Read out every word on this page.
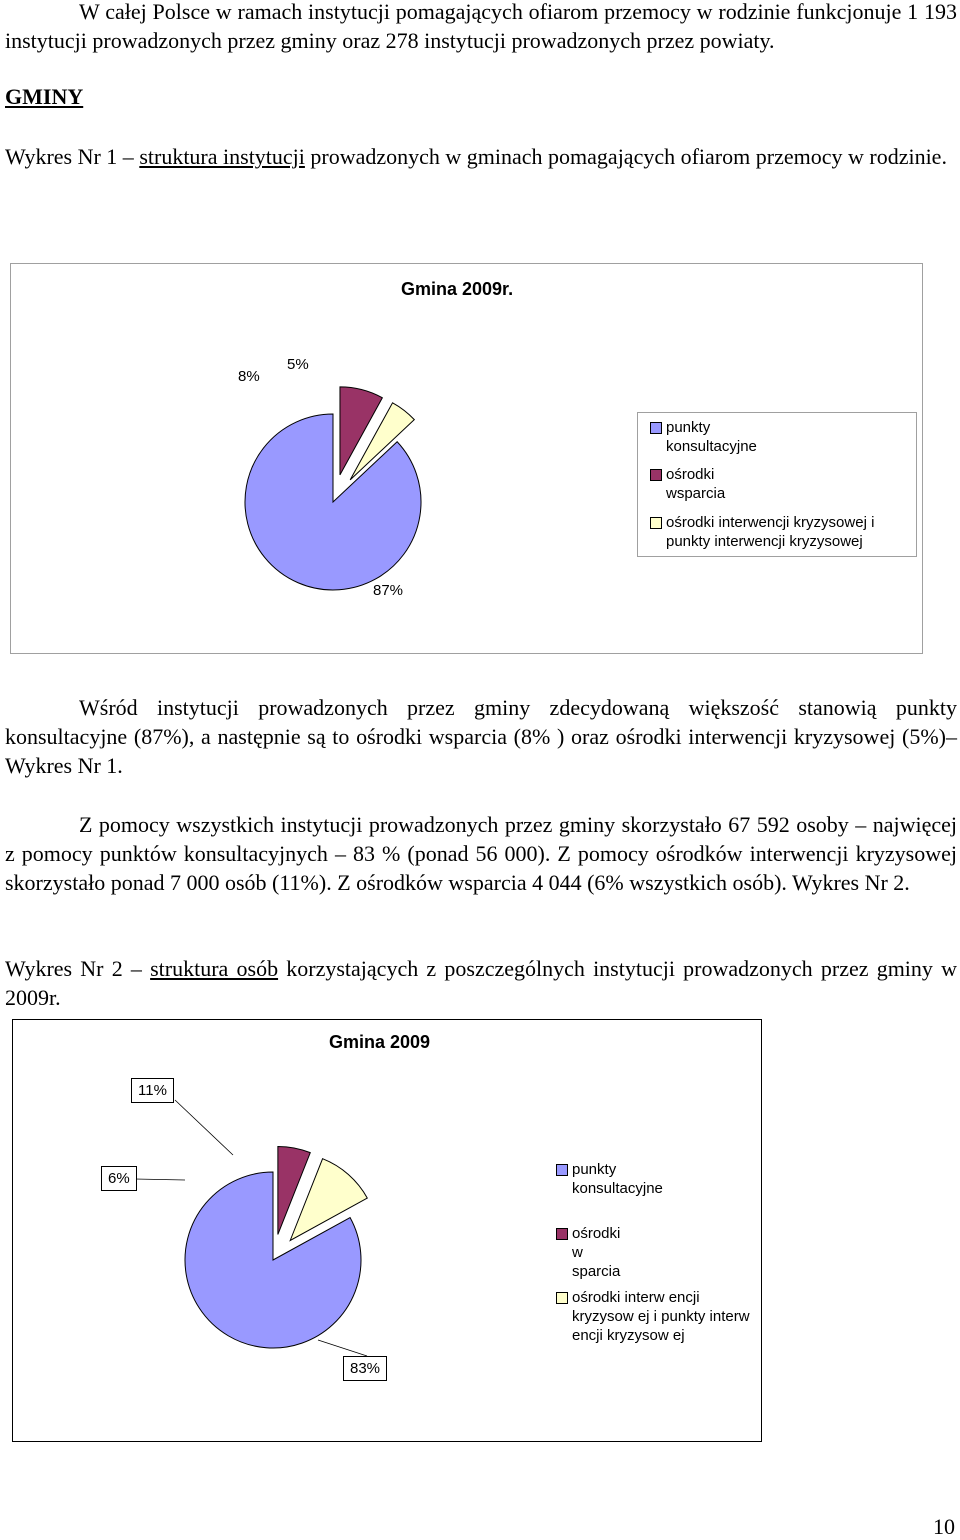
W całej Polsce w ramach instytucji pomagających ofiarom przemocy w rodzinie funkcjonuje 1 193 instytucji prowadzonych przez gminy oraz 278 instytucji prowadzonych przez powiaty.

GMINY

Wykres Nr 1 – struktura instytucji prowadzonych w gminach pomagających ofiarom przemocy w rodzinie.

Gmina 2009r.
8%
5%
87%
punkty konsultacyjne
ośrodki wsparcia
ośrodki interwencji kryzysowej i punkty interwencji kryzysowej

Wśród instytucji prowadzonych przez gminy zdecydowaną większość stanowią punkty konsultacyjne (87%), a następnie są to ośrodki wsparcia (8% ) oraz ośrodki interwencji kryzysowej (5%)– Wykres Nr 1.

Z pomocy wszystkich instytucji prowadzonych przez gminy skorzystało 67 592 osoby – najwięcej z pomocy punktów konsultacyjnych – 83 % (ponad 56 000). Z pomocy ośrodków interwencji kryzysowej skorzystało ponad 7 000 osób (11%). Z ośrodków wsparcia 4 044 (6% wszystkich osób). Wykres Nr 2.

Wykres Nr 2 – struktura osób korzystających z poszczególnych instytucji prowadzonych przez gminy w 2009r.

Gmina 2009
11%
6%
83%
punkty konsultacyjne
ośrodki w sparcia
ośrodki interw encji kryzysow ej i punkty interw encji kryzysow ej
10
